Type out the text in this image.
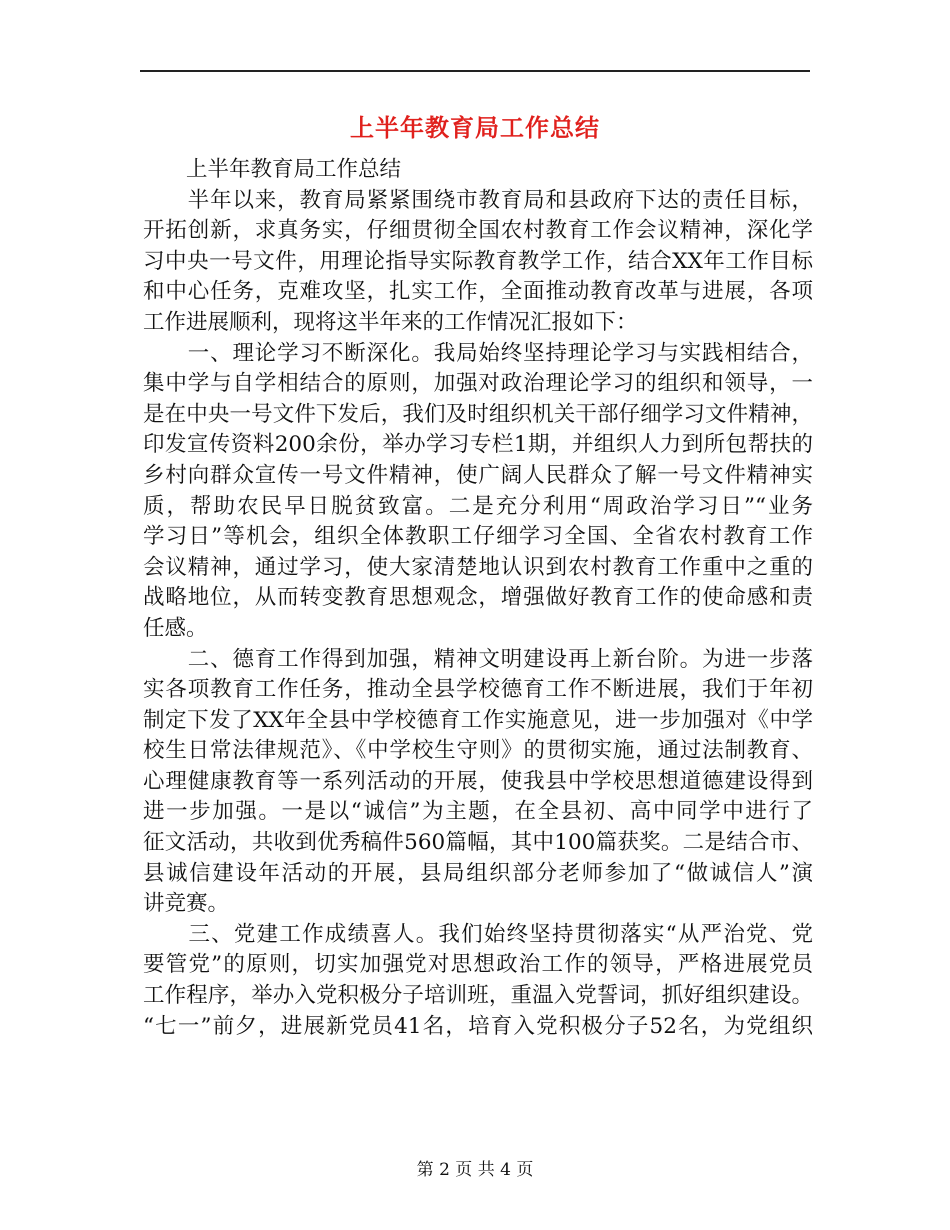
上半年教育局工作总结
　　上半年教育局工作总结
　　半年以来，教育局紧紧围绕市教育局和县政府下达的责任目标，
开拓创新，求真务实，仔细贯彻全国农村教育工作会议精神，深化学
习中央一号文件，用理论指导实际教育教学工作，结合XX年工作目标
和中心任务，克难攻坚，扎实工作，全面推动教育改革与进展，各项
工作进展顺利，现将这半年来的工作情况汇报如下：
　　一、理论学习不断深化。我局始终坚持理论学习与实践相结合，
集中学与自学相结合的原则，加强对政治理论学习的组织和领导，一
是在中央一号文件下发后，我们及时组织机关干部仔细学习文件精神，
印发宣传资料200余份，举办学习专栏1期，并组织人力到所包帮扶的
乡村向群众宣传一号文件精神，使广阔人民群众了解一号文件精神实
质，帮助农民早日脱贫致富。二是充分利用“周政治学习日”“业务
学习日”等机会，组织全体教职工仔细学习全国、全省农村教育工作
会议精神，通过学习，使大家清楚地认识到农村教育工作重中之重的
战略地位，从而转变教育思想观念，增强做好教育工作的使命感和责
任感。
　　二、德育工作得到加强，精神文明建设再上新台阶。为进一步落
实各项教育工作任务，推动全县学校德育工作不断进展，我们于年初
制定下发了XX年全县中学校德育工作实施意见，进一步加强对《中学
校生日常法律规范》、《中学校生守则》的贯彻实施，通过法制教育、
心理健康教育等一系列活动的开展，使我县中学校思想道德建设得到
进一步加强。一是以“诚信”为主题，在全县初、高中同学中进行了
征文活动，共收到优秀稿件560篇幅，其中100篇获奖。二是结合市、
县诚信建设年活动的开展，县局组织部分老师参加了“做诚信人”演
讲竞赛。
　　三、党建工作成绩喜人。我们始终坚持贯彻落实“从严治党、党
要管党”的原则，切实加强党对思想政治工作的领导，严格进展党员
工作程序，举办入党积极分子培训班，重温入党誓词，抓好组织建设。
“七一”前夕，进展新党员41名，培育入党积极分子52名，为党组织
第 2 页 共 4 页
